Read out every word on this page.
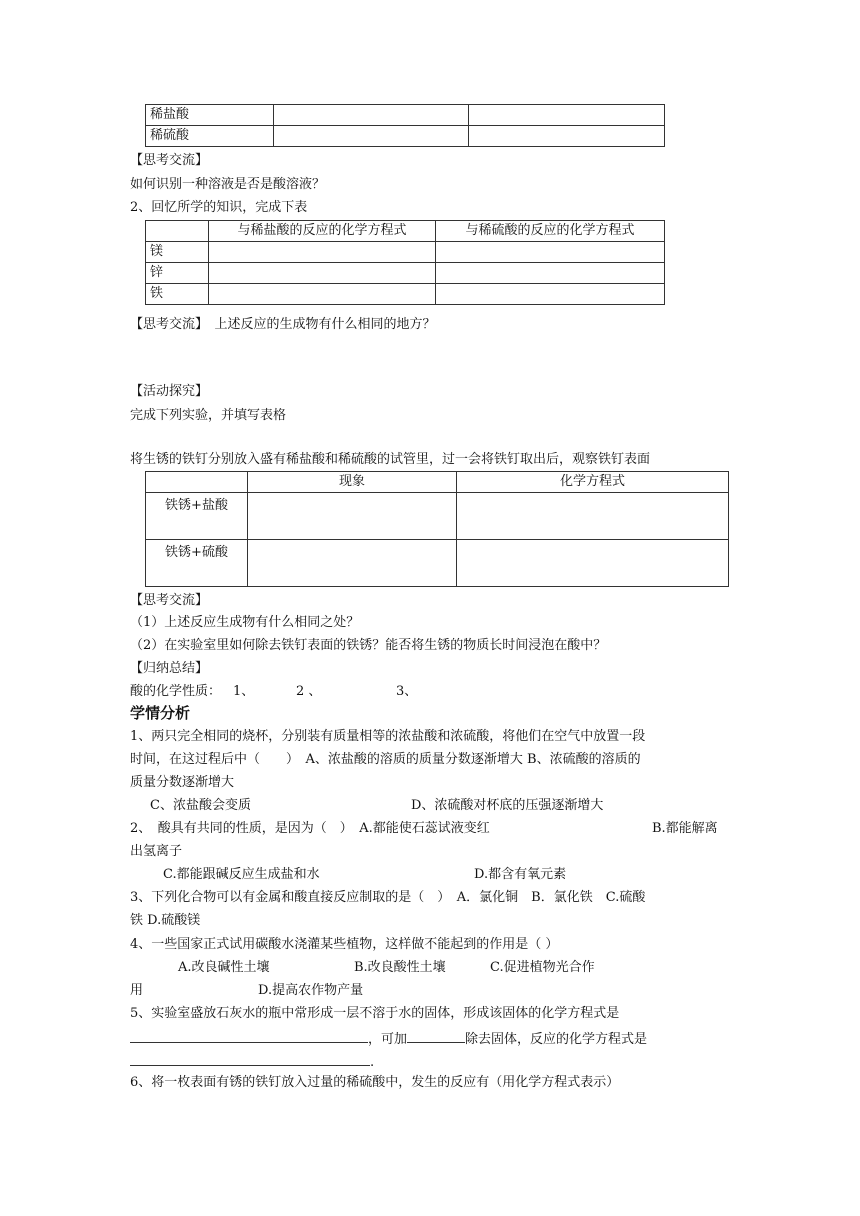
稀盐酸		
稀硫酸		
【思考交流】
如何识别一种溶液是否是酸溶液？
2、回忆所学的知识，完成下表
	与稀盐酸的反应的化学方程式	与稀硫酸的反应的化学方程式
镁		
锌		
铁		
【思考交流】　上述反应的生成物有什么相同的地方？
【活动探究】
完成下列实验，并填写表格
将生锈的铁钉分别放入盛有稀盐酸和稀硫酸的试管里，过一会将铁钉取出后，观察铁钉表面
	现象	化学方程式
铁锈+盐酸		
铁锈+硫酸		
【思考交流】
（1）上述反应生成物有什么相同之处？
（2）在实验室里如何除去铁钉表面的铁锈？能否将生锈的物质长时间浸泡在酸中？
【归纳总结】
酸的化学性质： 1、	2 、	3、
学情分析
1、两只完全相同的烧杯，分别装有质量相等的浓盐酸和浓硫酸，将他们在空气中放置一段
时间，在这过程后中（　　）　A、浓盐酸的溶质的质量分数逐渐增大 B、浓硫酸的溶质的
质量分数逐渐增大
C、浓盐酸会变质	D、浓硫酸对杯底的压强逐渐增大
2、　酸具有共同的性质，是因为（　）　A.都能使石蕊试液变红	B.都能解离
出氢离子
C.都能跟碱反应生成盐和水	D.都含有氧元素
3、下列化合物可以有金属和酸直接反应制取的是（　）　A．氯化铜　B．氯化铁　C.硫酸
铁 D.硫酸镁
4、一些国家正式试用碳酸水浇灌某些植物，这样做不能起到的作用是（ ）
A.改良碱性土壤	B.改良酸性土壤	C.促进植物光合作
用	D.提高农作物产量
5、实验室盛放石灰水的瓶中常形成一层不溶于水的固体，形成该固体的化学方程式是
，可加	除去固体，反应的化学方程式是
.
6、将一枚表面有锈的铁钉放入过量的稀硫酸中，发生的反应有（用化学方程式表示）
